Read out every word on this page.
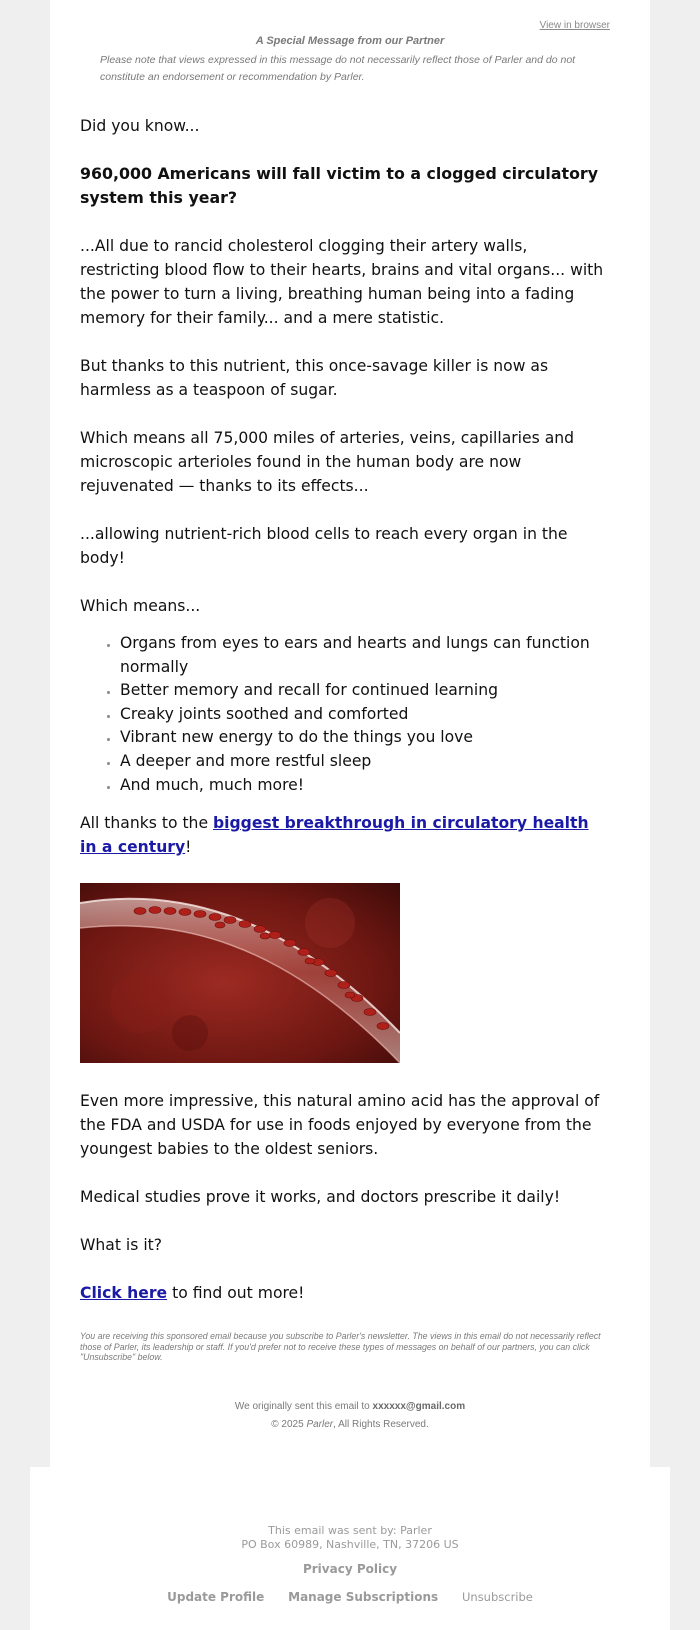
View in browser
A Special Message from our Partner
Please note that views expressed in this message do not necessarily reflect those of Parler and do not constitute an endorsement or recommendation by Parler.

Did you know...

960,000 Americans will fall victim to a clogged circulatory system this year?

...All due to rancid cholesterol clogging their artery walls, restricting blood flow to their hearts, brains and vital organs... with the power to turn a living, breathing human being into a fading memory for their family... and a mere statistic.

But thanks to this nutrient, this once-savage killer is now as harmless as a teaspoon of sugar.

Which means all 75,000 miles of arteries, veins, capillaries and microscopic arterioles found in the human body are now rejuvenated — thanks to its effects...

...allowing nutrient-rich blood cells to reach every organ in the body!

Which means...

• Organs from eyes to ears and hearts and lungs can function normally
• Better memory and recall for continued learning
• Creaky joints soothed and comforted
• Vibrant new energy to do the things you love
• A deeper and more restful sleep
• And much, much more!

All thanks to the biggest breakthrough in circulatory health in a century!

Even more impressive, this natural amino acid has the approval of the FDA and USDA for use in foods enjoyed by everyone from the youngest babies to the oldest seniors.

Medical studies prove it works, and doctors prescribe it daily!

What is it?

Click here to find out more!

You are receiving this sponsored email because you subscribe to Parler's newsletter. The views in this email do not necessarily reflect those of Parler, its leadership or staff. If you'd prefer not to receive these types of messages on behalf of our partners, you can click "Unsubscribe" below.
We originally sent this email to xxxxxx@gmail.com
© 2025 Parler, All Rights Reserved.
This email was sent by: Parler
PO Box 60989, Nashville, TN, 37206 US
Privacy Policy
Update Profile Manage Subscriptions Unsubscribe
